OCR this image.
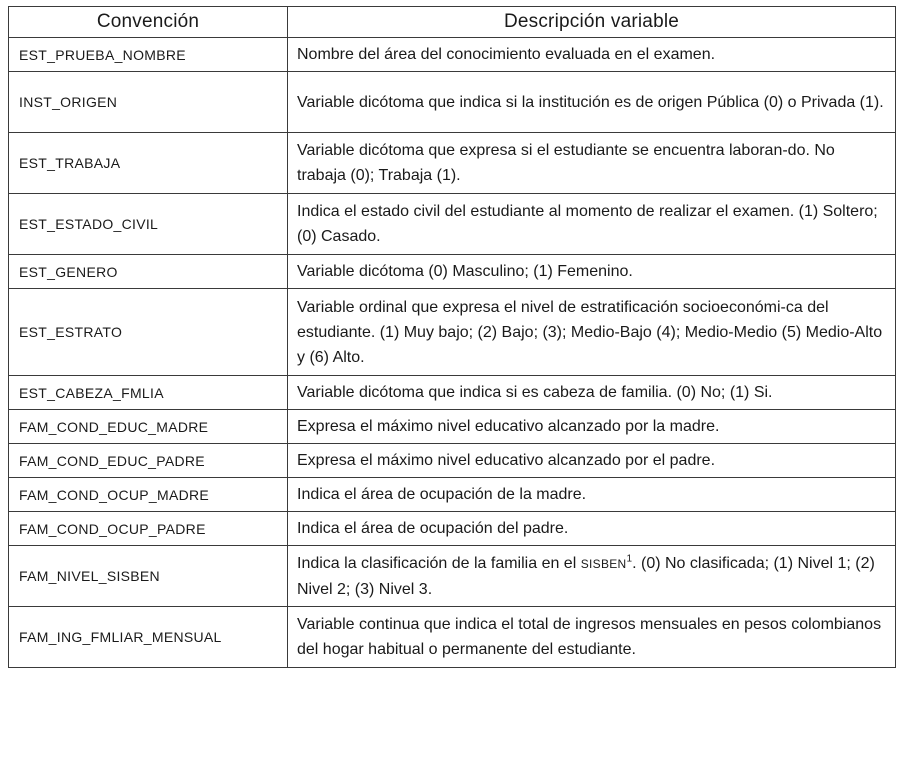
Convención	Descripción variable
EST_PRUEBA_NOMBRE	Nombre del área del conocimiento evaluada en el examen.
INST_ORIGEN	Variable dicótoma que indica si la institución es de origen Pública (0) o Privada (1).
EST_TRABAJA	Variable dicótoma que expresa si el estudiante se encuentra laboran-do. No trabaja (0); Trabaja (1).
EST_ESTADO_CIVIL	Indica el estado civil del estudiante al momento de realizar el examen. (1) Soltero; (0) Casado.
EST_GENERO	Variable dicótoma (0) Masculino; (1) Femenino.
EST_ESTRATO	Variable ordinal que expresa el nivel de estratificación socioeconómi-ca del estudiante. (1) Muy bajo; (2) Bajo; (3); Medio-Bajo (4); Medio-Medio (5) Medio-Alto y (6) Alto.
EST_CABEZA_FMLIA	Variable dicótoma que indica si es cabeza de familia. (0) No; (1) Si.
FAM_COND_EDUC_MADRE	Expresa el máximo nivel educativo alcanzado por la madre.
FAM_COND_EDUC_PADRE	Expresa el máximo nivel educativo alcanzado por el padre.
FAM_COND_OCUP_MADRE	Indica el área de ocupación de la madre.
FAM_COND_OCUP_PADRE	Indica el área de ocupación del padre.
FAM_NIVEL_SISBEN	Indica la clasificación de la familia en el SISBEN$^1$. (0) No clasificada; (1) Nivel 1; (2) Nivel 2; (3) Nivel 3.
FAM_ING_FMLIAR_MENSUAL	Variable continua que indica el total de ingresos mensuales en pesos colombianos del hogar habitual o permanente del estudiante.
